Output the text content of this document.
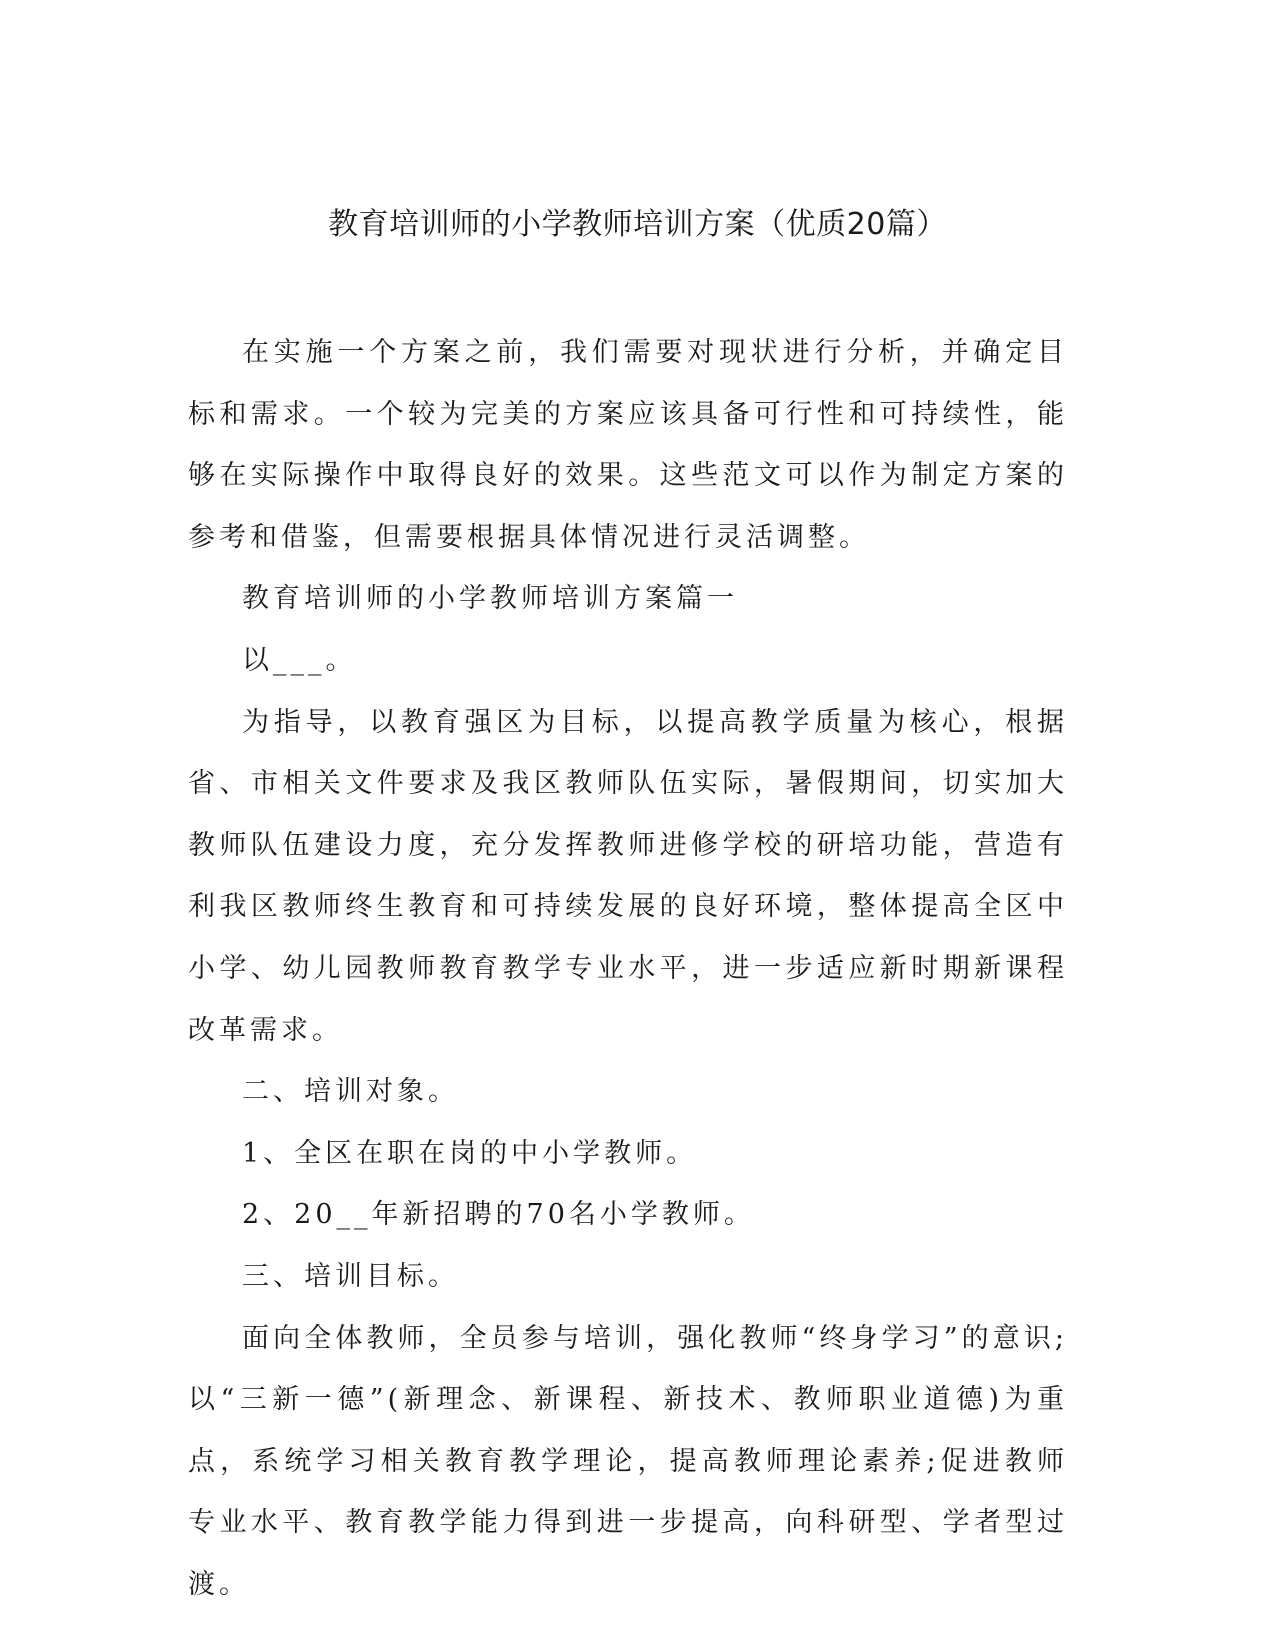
教育培训师的小学教师培训方案（优质20篇）

在实施一个方案之前，我们需要对现状进行分析，并确定目标和需求。一个较为完美的方案应该具备可行性和可持续性，能够在实际操作中取得良好的效果。这些范文可以作为制定方案的参考和借鉴，但需要根据具体情况进行灵活调整。

教育培训师的小学教师培训方案篇一

以___。

为指导，以教育强区为目标，以提高教学质量为核心，根据省、市相关文件要求及我区教师队伍实际，暑假期间，切实加大教师队伍建设力度，充分发挥教师进修学校的研培功能，营造有利我区教师终生教育和可持续发展的良好环境，整体提高全区中小学、幼儿园教师教育教学专业水平，进一步适应新时期新课程改革需求。

二、培训对象。

1、全区在职在岗的中小学教师。

2、20__年新招聘的70名小学教师。

三、培训目标。

面向全体教师，全员参与培训，强化教师“终身学习”的意识;以“三新一德”(新理念、新课程、新技术、教师职业道德)为重点，系统学习相关教育教学理论，提高教师理论素养;促进教师专业水平、教育教学能力得到进一步提高，向科研型、学者型过渡。
